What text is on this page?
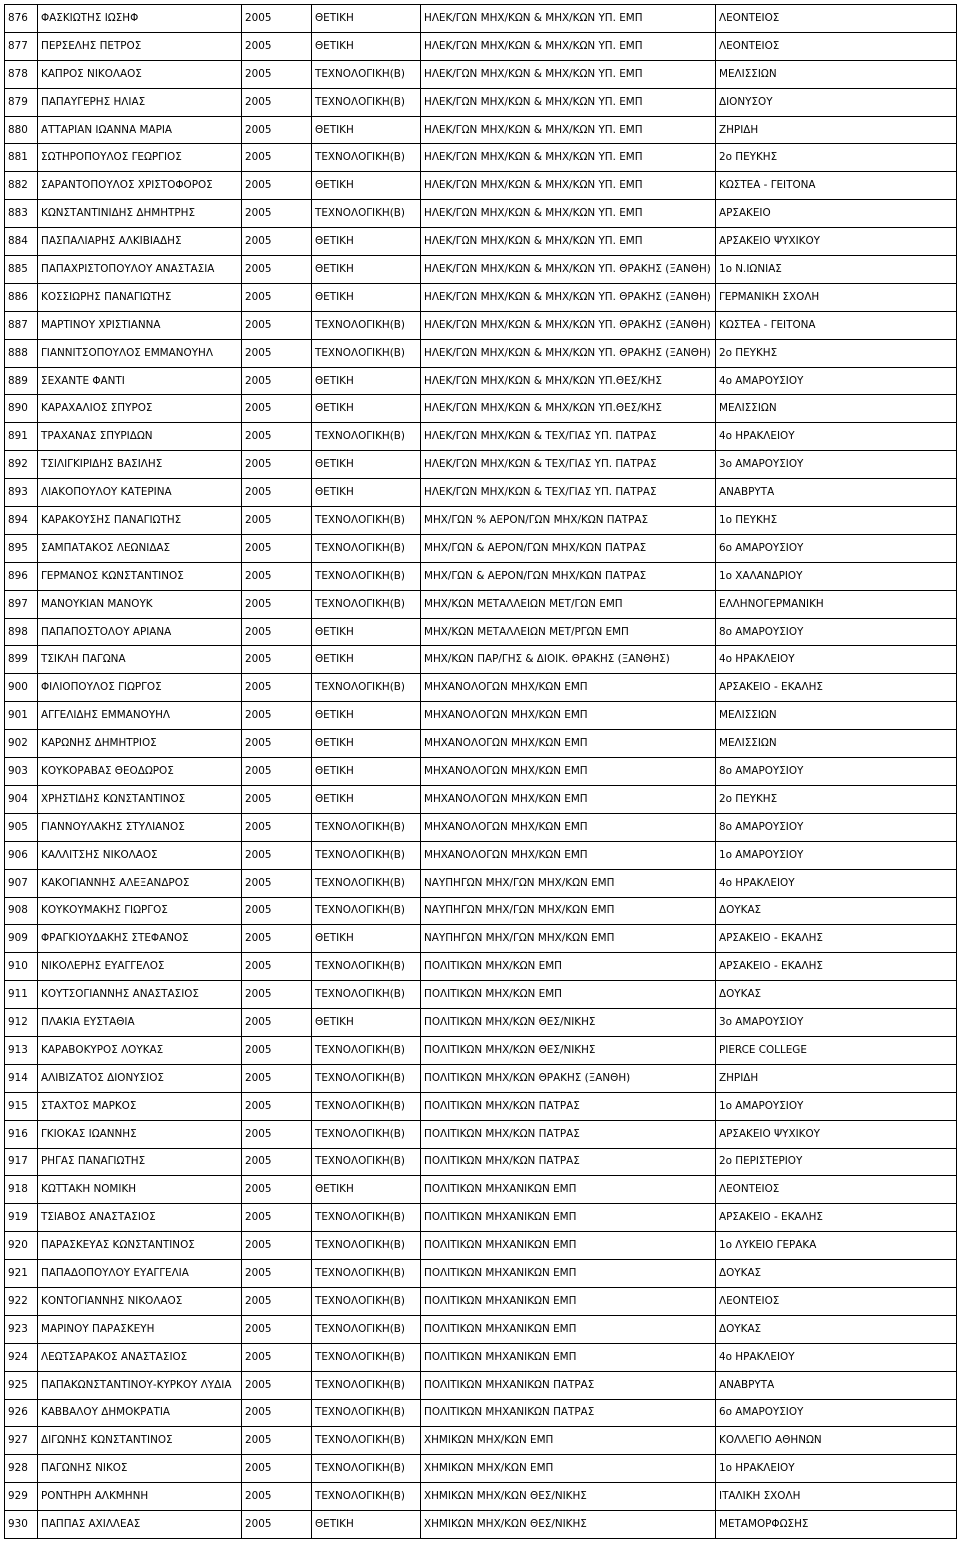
876	ΦΑΣΚΙΩΤΗΣ ΙΩΣΗΦ	2005	ΘΕΤΙΚΗ	ΗΛΕΚ/ΓΩΝ ΜΗΧ/ΚΩΝ & ΜΗΧ/ΚΩΝ ΥΠ. ΕΜΠ	ΛΕΟΝΤΕΙΟΣ
877	ΠΕΡΣΕΛΗΣ ΠΕΤΡΟΣ	2005	ΘΕΤΙΚΗ	ΗΛΕΚ/ΓΩΝ ΜΗΧ/ΚΩΝ & ΜΗΧ/ΚΩΝ ΥΠ. ΕΜΠ	ΛΕΟΝΤΕΙΟΣ
878	ΚΑΠΡΟΣ ΝΙΚΟΛΑΟΣ	2005	ΤΕΧΝΟΛΟΓΙΚΗ(Β)	ΗΛΕΚ/ΓΩΝ ΜΗΧ/ΚΩΝ & ΜΗΧ/ΚΩΝ ΥΠ. ΕΜΠ	ΜΕΛΙΣΣΙΩΝ
879	ΠΑΠΑΥΓΕΡΗΣ ΗΛΙΑΣ	2005	ΤΕΧΝΟΛΟΓΙΚΗ(Β)	ΗΛΕΚ/ΓΩΝ ΜΗΧ/ΚΩΝ & ΜΗΧ/ΚΩΝ ΥΠ. ΕΜΠ	ΔΙΟΝΥΣΟΥ
880	ΑΤΤΑΡΙΑΝ ΙΩΑΝΝΑ ΜΑΡΙΑ	2005	ΘΕΤΙΚΗ	ΗΛΕΚ/ΓΩΝ ΜΗΧ/ΚΩΝ & ΜΗΧ/ΚΩΝ ΥΠ. ΕΜΠ	ΖΗΡΙΔΗ
881	ΣΩΤΗΡΟΠΟΥΛΟΣ ΓΕΩΡΓΙΟΣ	2005	ΤΕΧΝΟΛΟΓΙΚΗ(Β)	ΗΛΕΚ/ΓΩΝ ΜΗΧ/ΚΩΝ & ΜΗΧ/ΚΩΝ ΥΠ. ΕΜΠ	2ο ΠΕΥΚΗΣ
882	ΣΑΡΑΝΤΟΠΟΥΛΟΣ ΧΡΙΣΤΟΦΟΡΟΣ	2005	ΘΕΤΙΚΗ	ΗΛΕΚ/ΓΩΝ ΜΗΧ/ΚΩΝ & ΜΗΧ/ΚΩΝ ΥΠ. ΕΜΠ	ΚΩΣΤΕΑ - ΓΕΙΤΟΝΑ
883	ΚΩΝΣΤΑΝΤΙΝΙΔΗΣ ΔΗΜΗΤΡΗΣ	2005	ΤΕΧΝΟΛΟΓΙΚΗ(Β)	ΗΛΕΚ/ΓΩΝ ΜΗΧ/ΚΩΝ & ΜΗΧ/ΚΩΝ ΥΠ. ΕΜΠ	ΑΡΣΑΚΕΙΟ
884	ΠΑΣΠΑΛΙΑΡΗΣ ΑΛΚΙΒΙΑΔΗΣ	2005	ΘΕΤΙΚΗ	ΗΛΕΚ/ΓΩΝ ΜΗΧ/ΚΩΝ & ΜΗΧ/ΚΩΝ ΥΠ. ΕΜΠ	ΑΡΣΑΚΕΙΟ ΨΥΧΙΚΟΥ
885	ΠΑΠΑΧΡΙΣΤΟΠΟΥΛΟΥ ΑΝΑΣΤΑΣΙΑ	2005	ΘΕΤΙΚΗ	ΗΛΕΚ/ΓΩΝ ΜΗΧ/ΚΩΝ & ΜΗΧ/ΚΩΝ ΥΠ. ΘΡΑΚΗΣ (ΞΑΝΘΗ)	1ο Ν.ΙΩΝΙΑΣ
886	ΚΟΣΣΙΩΡΗΣ ΠΑΝΑΓΙΩΤΗΣ	2005	ΘΕΤΙΚΗ	ΗΛΕΚ/ΓΩΝ ΜΗΧ/ΚΩΝ & ΜΗΧ/ΚΩΝ ΥΠ. ΘΡΑΚΗΣ (ΞΑΝΘΗ)	ΓΕΡΜΑΝΙΚΗ ΣΧΟΛΗ
887	ΜΑΡΤΙΝΟΥ ΧΡΙΣΤΙΑΝΝΑ	2005	ΤΕΧΝΟΛΟΓΙΚΗ(Β)	ΗΛΕΚ/ΓΩΝ ΜΗΧ/ΚΩΝ & ΜΗΧ/ΚΩΝ ΥΠ. ΘΡΑΚΗΣ (ΞΑΝΘΗ)	ΚΩΣΤΕΑ - ΓΕΙΤΟΝΑ
888	ΓΙΑΝΝΙΤΣΟΠΟΥΛΟΣ ΕΜΜΑΝΟΥΗΛ	2005	ΤΕΧΝΟΛΟΓΙΚΗ(Β)	ΗΛΕΚ/ΓΩΝ ΜΗΧ/ΚΩΝ & ΜΗΧ/ΚΩΝ ΥΠ. ΘΡΑΚΗΣ (ΞΑΝΘΗ)	2ο ΠΕΥΚΗΣ
889	ΣΕΧΑΝΤΕ ΦΑΝΤΙ	2005	ΘΕΤΙΚΗ	ΗΛΕΚ/ΓΩΝ ΜΗΧ/ΚΩΝ & ΜΗΧ/ΚΩΝ ΥΠ.ΘΕΣ/ΚΗΣ	4ο ΑΜΑΡΟΥΣΙΟΥ
890	ΚΑΡΑΧΑΛΙΟΣ ΣΠΥΡΟΣ	2005	ΘΕΤΙΚΗ	ΗΛΕΚ/ΓΩΝ ΜΗΧ/ΚΩΝ & ΜΗΧ/ΚΩΝ ΥΠ.ΘΕΣ/ΚΗΣ	ΜΕΛΙΣΣΙΩΝ
891	ΤΡΑΧΑΝΑΣ ΣΠΥΡΙΔΩΝ	2005	ΤΕΧΝΟΛΟΓΙΚΗ(Β)	ΗΛΕΚ/ΓΩΝ ΜΗΧ/ΚΩΝ & ΤΕΧ/ΓΙΑΣ ΥΠ. ΠΑΤΡΑΣ	4ο ΗΡΑΚΛΕΙΟΥ
892	ΤΣΙΛΙΓΚΙΡΙΔΗΣ ΒΑΣΙΛΗΣ	2005	ΘΕΤΙΚΗ	ΗΛΕΚ/ΓΩΝ ΜΗΧ/ΚΩΝ & ΤΕΧ/ΓΙΑΣ ΥΠ. ΠΑΤΡΑΣ	3ο ΑΜΑΡΟΥΣΙΟΥ
893	ΛΙΑΚΟΠΟΥΛΟΥ ΚΑΤΕΡΙΝΑ	2005	ΘΕΤΙΚΗ	ΗΛΕΚ/ΓΩΝ ΜΗΧ/ΚΩΝ & ΤΕΧ/ΓΙΑΣ ΥΠ. ΠΑΤΡΑΣ	ΑΝΑΒΡΥΤΑ
894	ΚΑΡΑΚΟΥΣΗΣ ΠΑΝΑΓΙΩΤΗΣ	2005	ΤΕΧΝΟΛΟΓΙΚΗ(Β)	ΜΗΧ/ΓΩΝ % ΑΕΡΟΝ/ΓΩΝ ΜΗΧ/ΚΩΝ ΠΑΤΡΑΣ	1ο ΠΕΥΚΗΣ
895	ΣΑΜΠΑΤΑΚΟΣ ΛΕΩΝΙΔΑΣ	2005	ΤΕΧΝΟΛΟΓΙΚΗ(Β)	ΜΗΧ/ΓΩΝ & ΑΕΡΟΝ/ΓΩΝ ΜΗΧ/ΚΩΝ ΠΑΤΡΑΣ	6ο ΑΜΑΡΟΥΣΙΟΥ
896	ΓΕΡΜΑΝΟΣ ΚΩΝΣΤΑΝΤΙΝΟΣ	2005	ΤΕΧΝΟΛΟΓΙΚΗ(Β)	ΜΗΧ/ΓΩΝ & ΑΕΡΟΝ/ΓΩΝ ΜΗΧ/ΚΩΝ ΠΑΤΡΑΣ	1ο ΧΑΛΑΝΔΡΙΟΥ
897	ΜΑΝΟΥΚΙΑΝ ΜΑΝΟΥΚ	2005	ΤΕΧΝΟΛΟΓΙΚΗ(Β)	ΜΗΧ/ΚΩΝ ΜΕΤΑΛΛΕΙΩΝ ΜΕΤ/ΓΩΝ ΕΜΠ	ΕΛΛΗΝΟΓΕΡΜΑΝΙΚΗ
898	ΠΑΠΑΠΟΣΤΟΛΟΥ ΑΡΙΑΝΑ	2005	ΘΕΤΙΚΗ	ΜΗΧ/ΚΩΝ ΜΕΤΑΛΛΕΙΩΝ ΜΕΤ/ΡΓΩΝ ΕΜΠ	8ο ΑΜΑΡΟΥΣΙΟΥ
899	ΤΣΙΚΛΗ ΠΑΓΩΝΑ	2005	ΘΕΤΙΚΗ	ΜΗΧ/ΚΩΝ ΠΑΡ/ΓΗΣ & ΔΙΟΙΚ. ΘΡΑΚΗΣ (ΞΑΝΘΗΣ)	4ο ΗΡΑΚΛΕΙΟΥ
900	ΦΙΛΙΟΠΟΥΛΟΣ ΓΙΩΡΓΟΣ	2005	ΤΕΧΝΟΛΟΓΙΚΗ(Β)	ΜΗΧΑΝΟΛΟΓΩΝ ΜΗΧ/ΚΩΝ ΕΜΠ	ΑΡΣΑΚΕΙΟ - ΕΚΑΛΗΣ
901	ΑΓΓΕΛΙΔΗΣ ΕΜΜΑΝΟΥΗΛ	2005	ΘΕΤΙΚΗ	ΜΗΧΑΝΟΛΟΓΩΝ ΜΗΧ/ΚΩΝ ΕΜΠ	ΜΕΛΙΣΣΙΩΝ
902	ΚΑΡΩΝΗΣ ΔΗΜΗΤΡΙΟΣ	2005	ΘΕΤΙΚΗ	ΜΗΧΑΝΟΛΟΓΩΝ ΜΗΧ/ΚΩΝ ΕΜΠ	ΜΕΛΙΣΣΙΩΝ
903	ΚΟΥΚΟΡΑΒΑΣ ΘΕΟΔΩΡΟΣ	2005	ΘΕΤΙΚΗ	ΜΗΧΑΝΟΛΟΓΩΝ ΜΗΧ/ΚΩΝ ΕΜΠ	8ο ΑΜΑΡΟΥΣΙΟΥ
904	ΧΡΗΣΤΙΔΗΣ ΚΩΝΣΤΑΝΤΙΝΟΣ	2005	ΘΕΤΙΚΗ	ΜΗΧΑΝΟΛΟΓΩΝ ΜΗΧ/ΚΩΝ ΕΜΠ	2ο ΠΕΥΚΗΣ
905	ΓΙΑΝΝΟΥΛΑΚΗΣ ΣΤΥΛΙΑΝΟΣ	2005	ΤΕΧΝΟΛΟΓΙΚΗ(Β)	ΜΗΧΑΝΟΛΟΓΩΝ ΜΗΧ/ΚΩΝ ΕΜΠ	8ο ΑΜΑΡΟΥΣΙΟΥ
906	ΚΑΛΛΙΤΣΗΣ ΝΙΚΟΛΑΟΣ	2005	ΤΕΧΝΟΛΟΓΙΚΗ(Β)	ΜΗΧΑΝΟΛΟΓΩΝ ΜΗΧ/ΚΩΝ ΕΜΠ	1ο ΑΜΑΡΟΥΣΙΟΥ
907	ΚΑΚΟΓΙΑΝΝΗΣ ΑΛΕΞΑΝΔΡΟΣ	2005	ΤΕΧΝΟΛΟΓΙΚΗ(Β)	ΝΑΥΠΗΓΩΝ ΜΗΧ/ΓΩΝ ΜΗΧ/ΚΩΝ ΕΜΠ	4ο ΗΡΑΚΛΕΙΟΥ
908	ΚΟΥΚΟΥΜΑΚΗΣ ΓΙΩΡΓΟΣ	2005	ΤΕΧΝΟΛΟΓΙΚΗ(Β)	ΝΑΥΠΗΓΩΝ ΜΗΧ/ΓΩΝ ΜΗΧ/ΚΩΝ ΕΜΠ	ΔΟΥΚΑΣ
909	ΦΡΑΓΚΙΟΥΔΑΚΗΣ ΣΤΕΦΑΝΟΣ	2005	ΘΕΤΙΚΗ	ΝΑΥΠΗΓΩΝ ΜΗΧ/ΓΩΝ ΜΗΧ/ΚΩΝ ΕΜΠ	ΑΡΣΑΚΕΙΟ - ΕΚΑΛΗΣ
910	ΝΙΚΟΛΕΡΗΣ ΕΥΑΓΓΕΛΟΣ	2005	ΤΕΧΝΟΛΟΓΙΚΗ(Β)	ΠΟΛΙΤΙΚΩΝ ΜΗΧ/ΚΩΝ ΕΜΠ	ΑΡΣΑΚΕΙΟ - ΕΚΑΛΗΣ
911	ΚΟΥΤΣΟΓΙΑΝΝΗΣ ΑΝΑΣΤΑΣΙΟΣ	2005	ΤΕΧΝΟΛΟΓΙΚΗ(Β)	ΠΟΛΙΤΙΚΩΝ ΜΗΧ/ΚΩΝ ΕΜΠ	ΔΟΥΚΑΣ
912	ΠΛΑΚΙΑ ΕΥΣΤΑΘΙΑ	2005	ΘΕΤΙΚΗ	ΠΟΛΙΤΙΚΩΝ ΜΗΧ/ΚΩΝ ΘΕΣ/ΝΙΚΗΣ	3ο ΑΜΑΡΟΥΣΙΟΥ
913	ΚΑΡΑΒΟΚΥΡΟΣ ΛΟΥΚΑΣ	2005	ΤΕΧΝΟΛΟΓΙΚΗ(Β)	ΠΟΛΙΤΙΚΩΝ ΜΗΧ/ΚΩΝ ΘΕΣ/ΝΙΚΗΣ	PIERCE COLLEGE
914	ΑΛΙΒΙΖΑΤΟΣ ΔΙΟΝΥΣΙΟΣ	2005	ΤΕΧΝΟΛΟΓΙΚΗ(Β)	ΠΟΛΙΤΙΚΩΝ ΜΗΧ/ΚΩΝ ΘΡΑΚΗΣ (ΞΑΝΘΗ)	ΖΗΡΙΔΗ
915	ΣΤΑΧΤΟΣ ΜΑΡΚΟΣ	2005	ΤΕΧΝΟΛΟΓΙΚΗ(Β)	ΠΟΛΙΤΙΚΩΝ ΜΗΧ/ΚΩΝ ΠΑΤΡΑΣ	1ο ΑΜΑΡΟΥΣΙΟΥ
916	ΓΚΙΟΚΑΣ ΙΩΑΝΝΗΣ	2005	ΤΕΧΝΟΛΟΓΙΚΗ(Β)	ΠΟΛΙΤΙΚΩΝ ΜΗΧ/ΚΩΝ ΠΑΤΡΑΣ	ΑΡΣΑΚΕΙΟ ΨΥΧΙΚΟΥ
917	ΡΗΓΑΣ ΠΑΝΑΓΙΩΤΗΣ	2005	ΤΕΧΝΟΛΟΓΙΚΗ(Β)	ΠΟΛΙΤΙΚΩΝ ΜΗΧ/ΚΩΝ ΠΑΤΡΑΣ	2ο ΠΕΡΙΣΤΕΡΙΟΥ
918	ΚΩΤΤΑΚΗ ΝΟΜΙΚΗ	2005	ΘΕΤΙΚΗ	ΠΟΛΙΤΙΚΩΝ ΜΗΧΑΝΙΚΩΝ ΕΜΠ	ΛΕΟΝΤΕΙΟΣ
919	ΤΣΙΑΒΟΣ ΑΝΑΣΤΑΣΙΟΣ	2005	ΤΕΧΝΟΛΟΓΙΚΗ(Β)	ΠΟΛΙΤΙΚΩΝ ΜΗΧΑΝΙΚΩΝ ΕΜΠ	ΑΡΣΑΚΕΙΟ - ΕΚΑΛΗΣ
920	ΠΑΡΑΣΚΕΥΑΣ ΚΩΝΣΤΑΝΤΙΝΟΣ	2005	ΤΕΧΝΟΛΟΓΙΚΗ(Β)	ΠΟΛΙΤΙΚΩΝ ΜΗΧΑΝΙΚΩΝ ΕΜΠ	1ο ΛΥΚΕΙΟ ΓΕΡΑΚΑ
921	ΠΑΠΑΔΟΠΟΥΛΟΥ ΕΥΑΓΓΕΛΙΑ	2005	ΤΕΧΝΟΛΟΓΙΚΗ(Β)	ΠΟΛΙΤΙΚΩΝ ΜΗΧΑΝΙΚΩΝ ΕΜΠ	ΔΟΥΚΑΣ
922	ΚΟΝΤΟΓΙΑΝΝΗΣ ΝΙΚΟΛΑΟΣ	2005	ΤΕΧΝΟΛΟΓΙΚΗ(Β)	ΠΟΛΙΤΙΚΩΝ ΜΗΧΑΝΙΚΩΝ ΕΜΠ	ΛΕΟΝΤΕΙΟΣ
923	ΜΑΡΙΝΟΥ ΠΑΡΑΣΚΕΥΗ	2005	ΤΕΧΝΟΛΟΓΙΚΗ(Β)	ΠΟΛΙΤΙΚΩΝ ΜΗΧΑΝΙΚΩΝ ΕΜΠ	ΔΟΥΚΑΣ
924	ΛΕΩΤΣΑΡΑΚΟΣ ΑΝΑΣΤΑΣΙΟΣ	2005	ΤΕΧΝΟΛΟΓΙΚΗ(Β)	ΠΟΛΙΤΙΚΩΝ ΜΗΧΑΝΙΚΩΝ ΕΜΠ	4ο ΗΡΑΚΛΕΙΟΥ
925	ΠΑΠΑΚΩΝΣΤΑΝΤΙΝΟΥ-ΚΥΡΚΟΥ ΛΥΔΙΑ	2005	ΤΕΧΝΟΛΟΓΙΚΗ(Β)	ΠΟΛΙΤΙΚΩΝ ΜΗΧΑΝΙΚΩΝ ΠΑΤΡΑΣ	ΑΝΑΒΡΥΤΑ
926	ΚΑΒΒΑΛΟΥ ΔΗΜΟΚΡΑΤΙΑ	2005	ΤΕΧΝΟΛΟΓΙΚΗ(Β)	ΠΟΛΙΤΙΚΩΝ ΜΗΧΑΝΙΚΩΝ ΠΑΤΡΑΣ	6ο ΑΜΑΡΟΥΣΙΟΥ
927	ΔΙΓΩΝΗΣ ΚΩΝΣΤΑΝΤΙΝΟΣ	2005	ΤΕΧΝΟΛΟΓΙΚΗ(Β)	ΧΗΜΙΚΩΝ ΜΗΧ/ΚΩΝ ΕΜΠ	ΚΟΛΛΕΓΙΟ ΑΘΗΝΩΝ
928	ΠΑΓΩΝΗΣ ΝΙΚΟΣ	2005	ΤΕΧΝΟΛΟΓΙΚΗ(Β)	ΧΗΜΙΚΩΝ ΜΗΧ/ΚΩΝ ΕΜΠ	1ο ΗΡΑΚΛΕΙΟΥ
929	ΡΟΝΤΗΡΗ ΑΛΚΜΗΝΗ	2005	ΤΕΧΝΟΛΟΓΙΚΗ(Β)	ΧΗΜΙΚΩΝ ΜΗΧ/ΚΩΝ ΘΕΣ/ΝΙΚΗΣ	ΙΤΑΛΙΚΗ ΣΧΟΛΗ
930	ΠΑΠΠΑΣ ΑΧΙΛΛΕΑΣ	2005	ΘΕΤΙΚΗ	ΧΗΜΙΚΩΝ ΜΗΧ/ΚΩΝ ΘΕΣ/ΝΙΚΗΣ	ΜΕΤΑΜΟΡΦΩΣΗΣ
